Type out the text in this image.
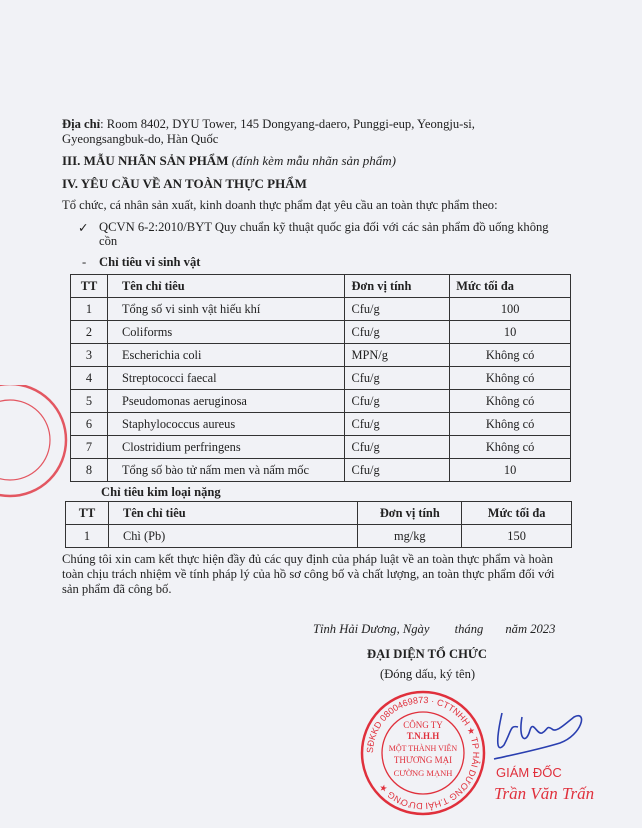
Địa chỉ: Room 8402, DYU Tower, 145 Dongyang-daero, Punggi-eup, Yeongju-si,
Gyeongsangbuk-do, Hàn Quốc
III. MẪU NHÃN SẢN PHẨM (đính kèm mẫu nhãn sản phẩm)
IV. YÊU CẦU VỀ AN TOÀN THỰC PHẨM
Tổ chức, cá nhân sản xuất, kinh doanh thực phẩm đạt yêu cầu an toàn thực phẩm theo:
✓ QCVN 6-2:2010/BYT Quy chuẩn kỹ thuật quốc gia đối với các sản phẩm đồ uống không
cồn
- Chỉ tiêu vi sinh vật
TT	Tên chỉ tiêu	Đơn vị tính	Mức tối đa
1	Tổng số vi sinh vật hiếu khí	Cfu/g	100
2	Coliforms	Cfu/g	10
3	Escherichia coli	MPN/g	Không có
4	Streptococci faecal	Cfu/g	Không có
5	Pseudomonas aeruginosa	Cfu/g	Không có
6	Staphylococcus aureus	Cfu/g	Không có
7	Clostridium perfringens	Cfu/g	Không có
8	Tổng số bào tử nấm men và nấm mốc	Cfu/g	10
Chỉ tiêu kim loại nặng
TT	Tên chỉ tiêu	Đơn vị tính	Mức tối đa
1	Chì (Pb)	mg/kg	150
Chúng tôi xin cam kết thực hiện đầy đủ các quy định của pháp luật về an toàn thực phẩm và hoàn
toàn chịu trách nhiệm về tính pháp lý của hồ sơ công bố và chất lượng, an toàn thực phẩm đối với
sản phẩm đã công bố.
Tỉnh Hải Dương, Ngày        tháng       năm 2023
ĐẠI DIỆN TỔ CHỨC
(Đóng dấu, ký tên)
SĐKKD 0800469873 · CTTNHH ★ TP HẢI DƯƠNG T.HẢI DƯƠNG ★
CÔNG TY
T.N.H.H
MỘT THÀNH VIÊN
THƯƠNG MẠI
CƯỜNG MẠNH	GIÁM ĐỐC
Trần Văn Trấn
